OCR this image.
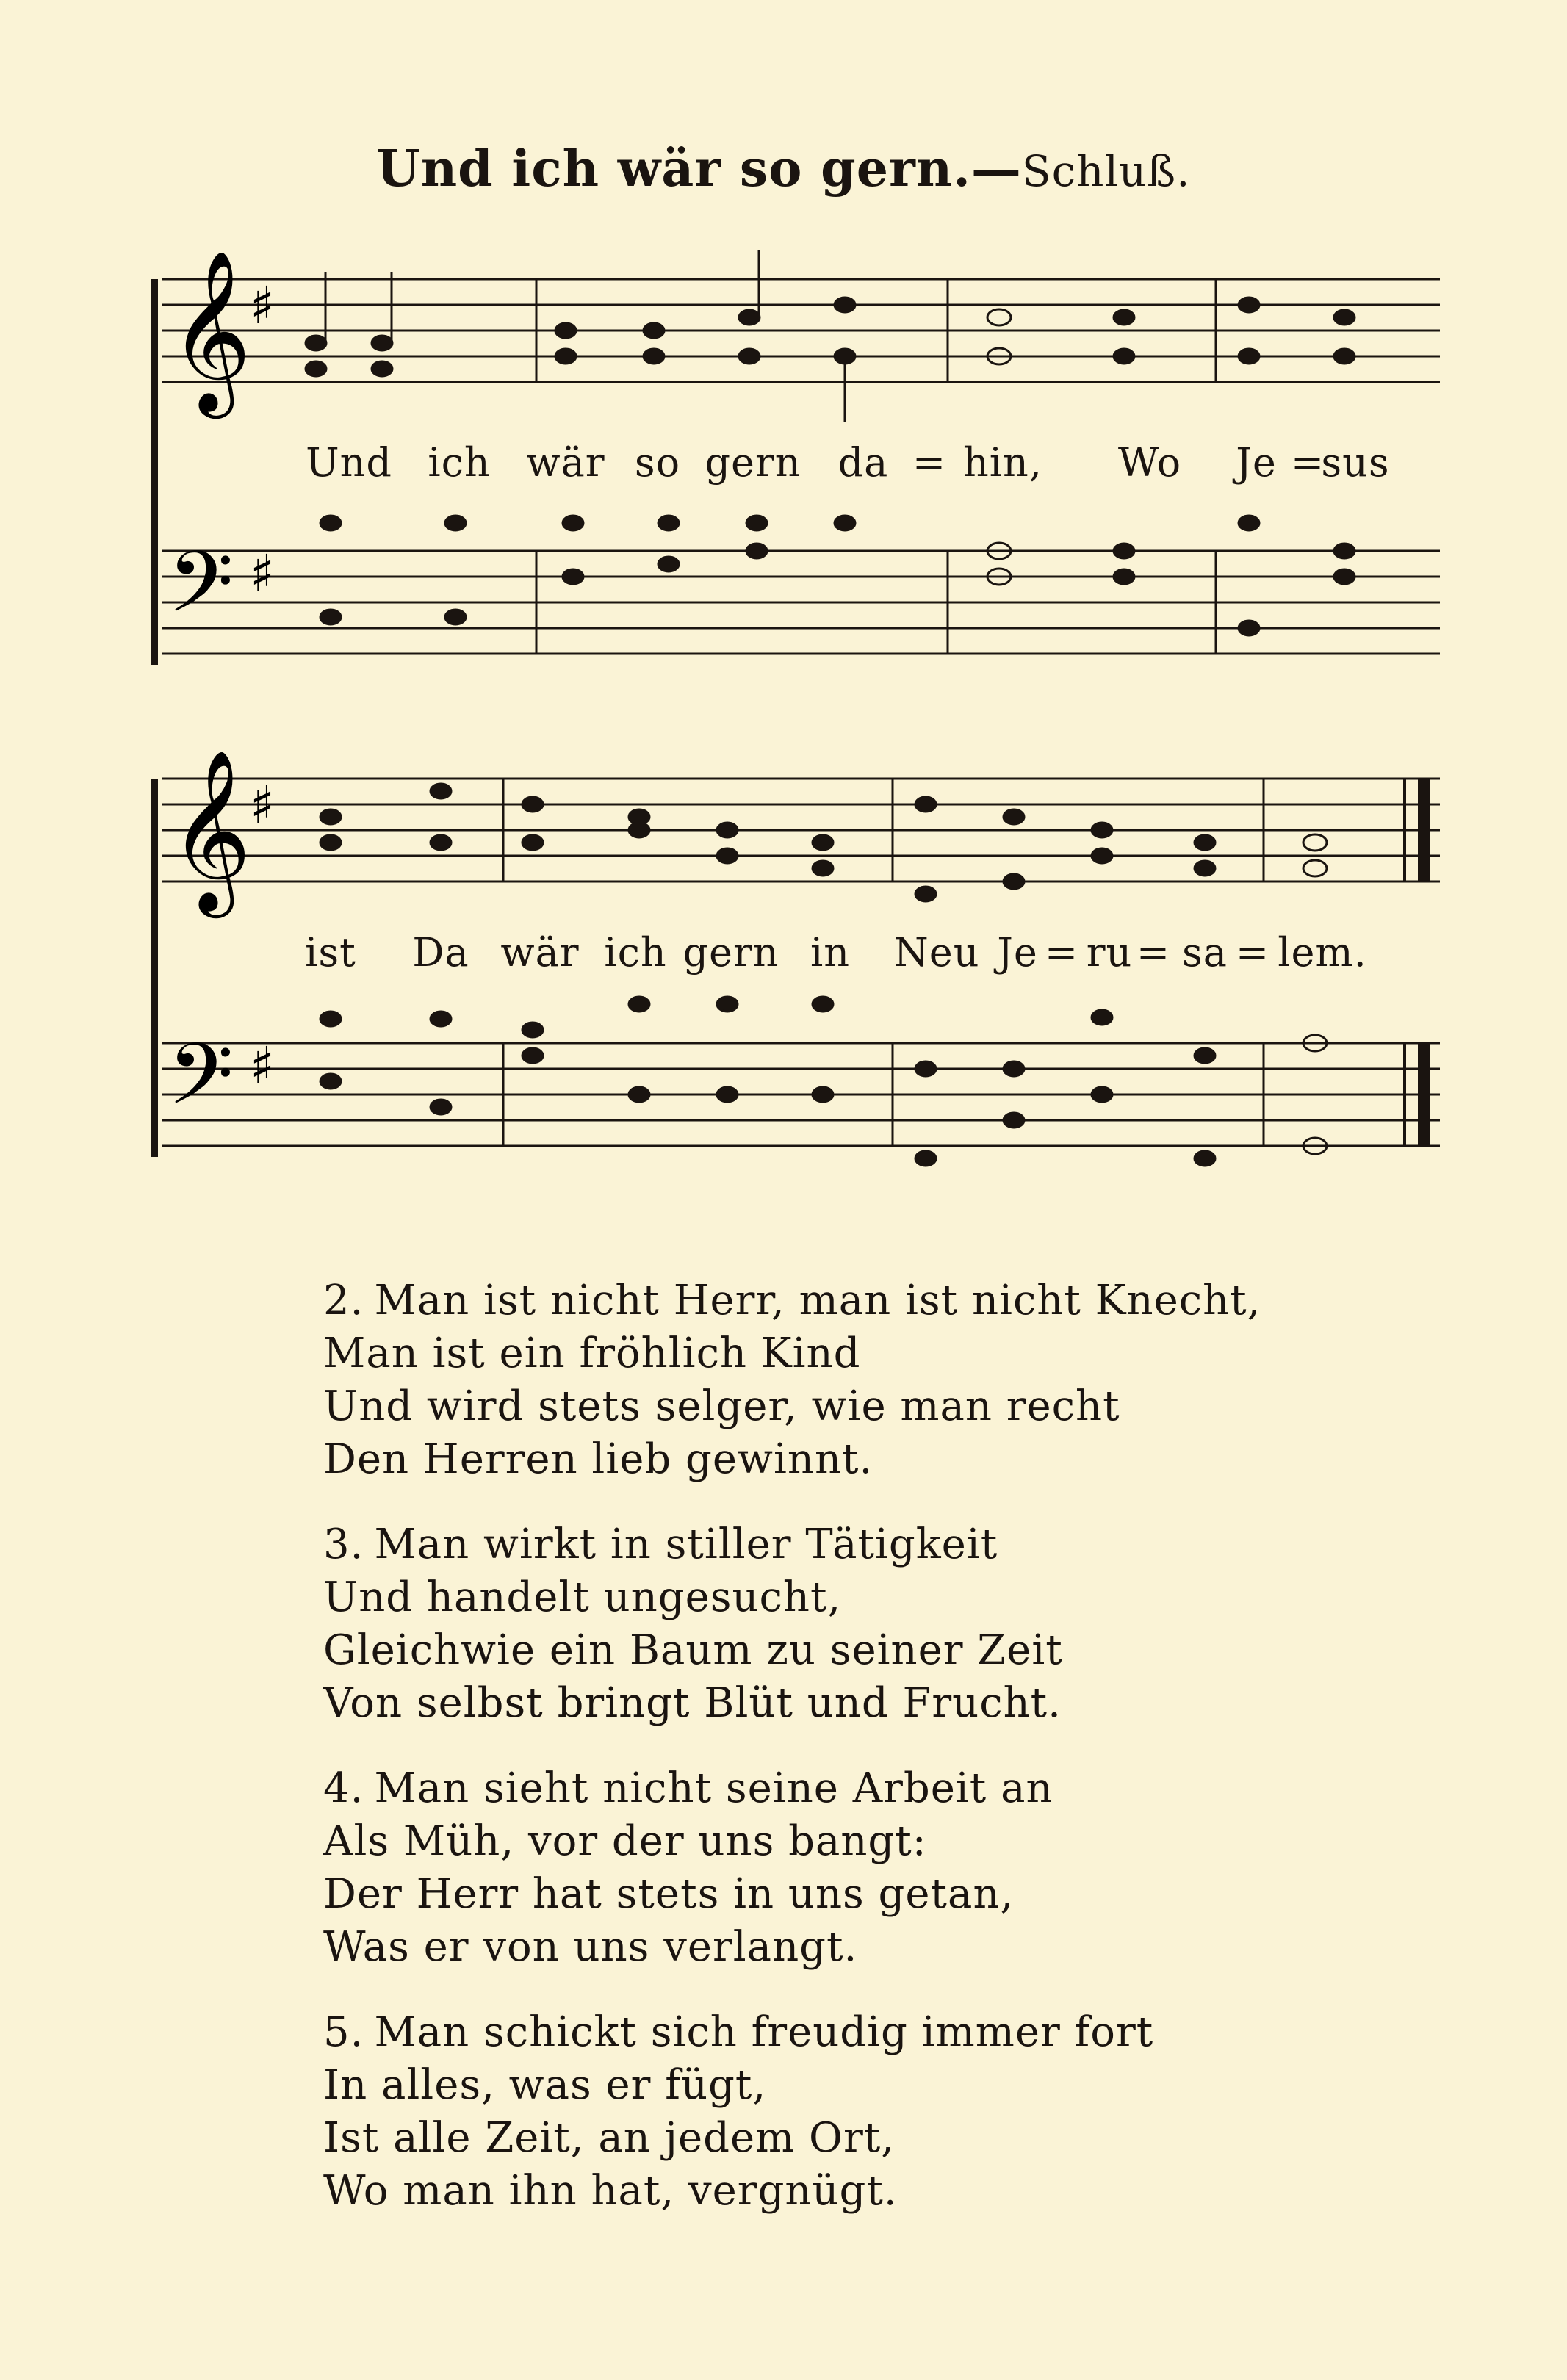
Und ich wär so gern.—Schluß.
𝄞
𝄢
♯
♯
Und ich wär so gern da = hin, Wo Je =
sus
𝄞
𝄢
♯
♯
ist Da wär ich gern in Neu Je = ru = sa = lem.
2. Man ist nicht Herr, man ist nicht Knecht,
Man ist ein fröhlich Kind
Und wird stets selger, wie man recht
Den Herren lieb gewinnt.
3. Man wirkt in stiller Tätigkeit
Und handelt ungesucht,
Gleichwie ein Baum zu seiner Zeit
Von selbst bringt Blüt und Frucht.
4. Man sieht nicht seine Arbeit an
Als Müh, vor der uns bangt:
Der Herr hat stets in uns getan,
Was er von uns verlangt.
5. Man schickt sich freudig immer fort
In alles, was er fügt,
Ist alle Zeit, an jedem Ort,
Wo man ihn hat, vergnügt.
